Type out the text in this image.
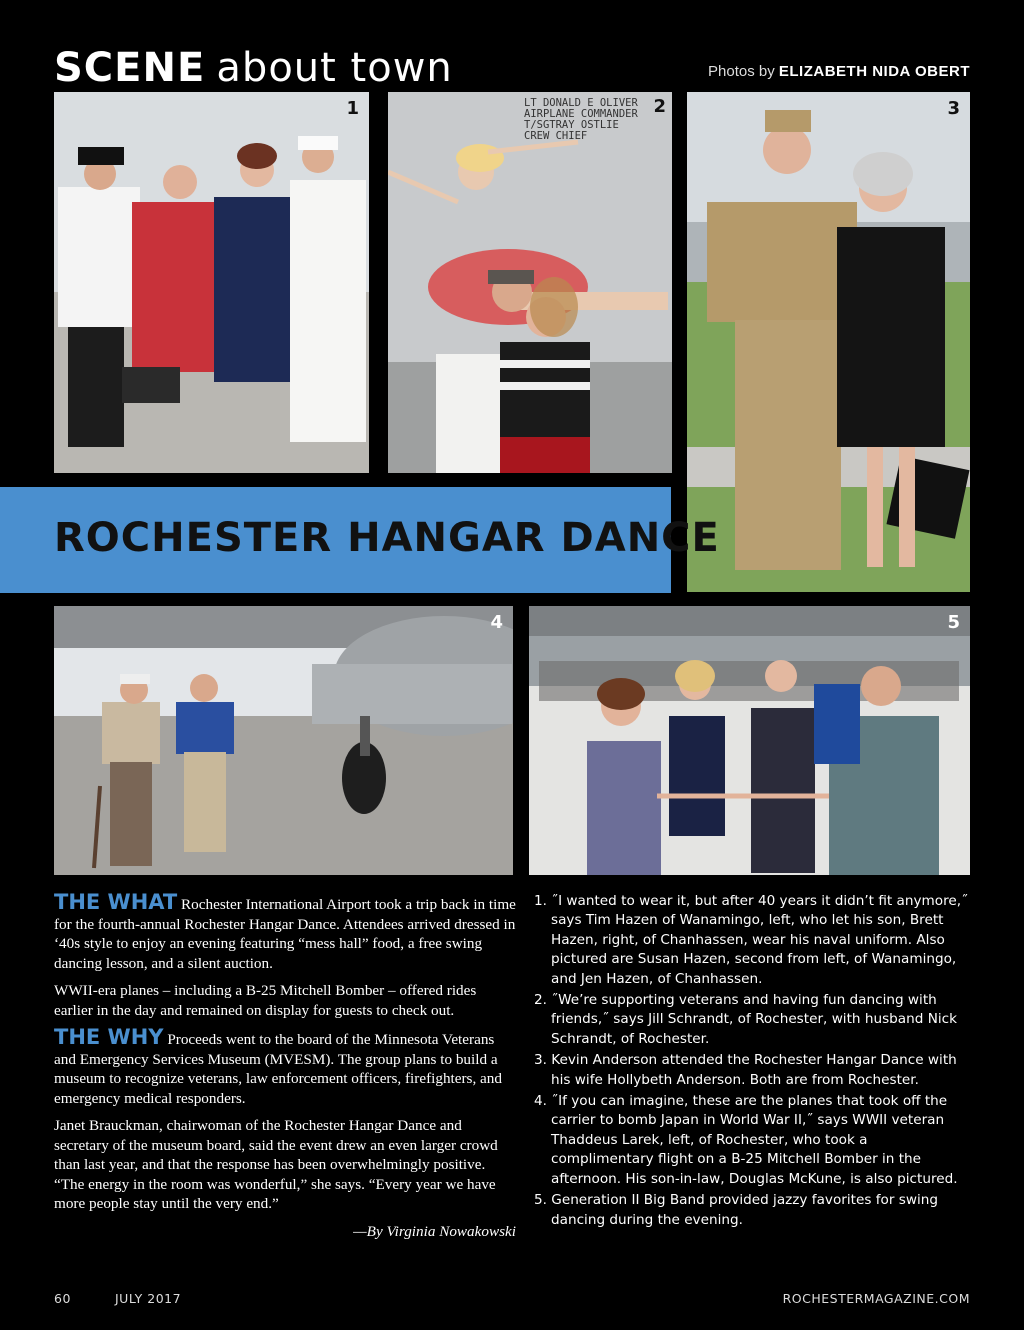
SCENE about town	Photos by ELIZABETH NIDA OBERT
1	LT DONALD E OLIVER
AIRPLANE COMMANDER
T/SGTRAY OSTLIE
CREW CHIEF
2	3
ROCHESTER HANGAR DANCE
4	5

THE WHAT Rochester International Airport took a trip back in time for the fourth-annual Rochester Hangar Dance. Attendees arrived dressed in ‘40s style to enjoy an evening featuring “mess hall” food, a free swing dancing lesson, and a silent auction.

WWII-era planes – including a B-25 Mitchell Bomber – offered rides earlier in the day and remained on display for guests to check out.

THE WHY Proceeds went to the board of the Minnesota Veterans and Emergency Services Museum (MVESM). The group plans to build a museum to recognize veterans, law enforcement officers, firefighters, and emergency medical responders.

Janet Brauckman, chairwoman of the Rochester Hangar Dance and secretary of the museum board, said the event drew an even larger crowd than last year, and that the response has been overwhelmingly positive. “The energy in the room was wonderful,” she says. “Every year we have more people stay until the very end.”

—By Virginia Nowakowski
1. ˝I wanted to wear it, but after 40 years it didn’t fit anymore,˝ says Tim Hazen of Wanamingo, left, who let his son, Brett Hazen, right, of Chanhassen, wear his naval uniform. Also pictured are Susan Hazen, second from left, of Wanamingo, and Jen Hazen, of Chanhassen.
2. ˝We’re supporting veterans and having fun dancing with friends,˝ says Jill Schrandt, of Rochester, with husband Nick Schrandt, of Rochester.
3. Kevin Anderson attended the Rochester Hangar Dance with his wife Hollybeth Anderson. Both are from Rochester.
4. ˝If you can imagine, these are the planes that took off the carrier to bomb Japan in World War II,˝ says WWII veteran Thaddeus Larek, left, of Rochester, who took a complimentary flight on a B-25 Mitchell Bomber in the afternoon. His son-in-law, Douglas McKune, is also pictured.
5. Generation II Big Band provided jazzy favorites for swing dancing during the evening.
60	JULY 2017	ROCHESTERMAGAZINE.COM
